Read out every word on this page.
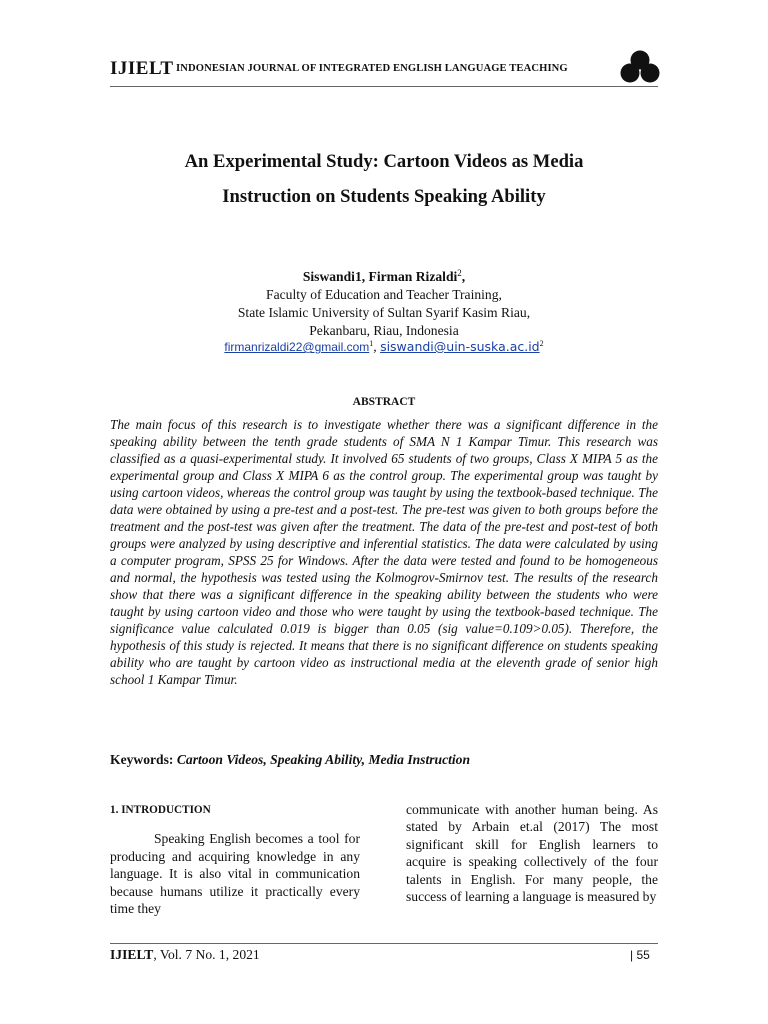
IJIELT INDONESIAN JOURNAL OF INTEGRATED ENGLISH LANGUAGE TEACHING
An Experimental Study: Cartoon Videos as Media
Instruction on Students Speaking Ability
Siswandi1, Firman Rizaldi$^2$,
Faculty of Education and Teacher Training,
State Islamic University of Sultan Syarif Kasim Riau,
Pekanbaru, Riau, Indonesia
firmanrizaldi22@gmail.com$^1$, $siswandi@uin-suska.ac.id^2$
ABSTRACT
The main focus of this research is to investigate whether there was a significant difference in the speaking ability between the tenth grade students of SMA N 1 Kampar Timur. This research was classified as a quasi-experimental study. It involved 65 students of two groups, Class X MIPA 5 as the experimental group and Class X MIPA 6 as the control group. The experimental group was taught by using cartoon videos, whereas the control group was taught by using the textbook-based technique. The data were obtained by using a pre-test and a post-test. The pre-test was given to both groups before the treatment and the post-test was given after the treatment. The data of the pre-test and post-test of both groups were analyzed by using descriptive and inferential statistics. The data were calculated by using a computer program, SPSS 25 for Windows. After the data were tested and found to be homogeneous and normal, the hypothesis was tested using the Kolmogrov-Smirnov test. The results of the research show that there was a significant difference in the speaking ability between the students who were taught by using cartoon video and those who were taught by using the textbook-based technique. The significance value calculated 0.019 is bigger than 0.05 (sig value=0.109>0.05). Therefore, the hypothesis of this study is rejected. It means that there is no significant difference on students speaking ability who are taught by cartoon video as instructional media at the eleventh grade of senior high school 1 Kampar Timur.
Keywords: Cartoon Videos, Speaking Ability, Media Instruction
1. INTRODUCTION

Speaking English becomes a tool for producing and acquiring knowledge in any language. It is also vital in communication because humans utilize it practically every time they

communicate with another human being. As stated by Arbain et.al (2017) The most significant skill for English learners to acquire is speaking collectively of the four talents in English. For many people, the success of learning a language is measured by

IJIELT, Vol. 7 No. 1, 2021	| 55
